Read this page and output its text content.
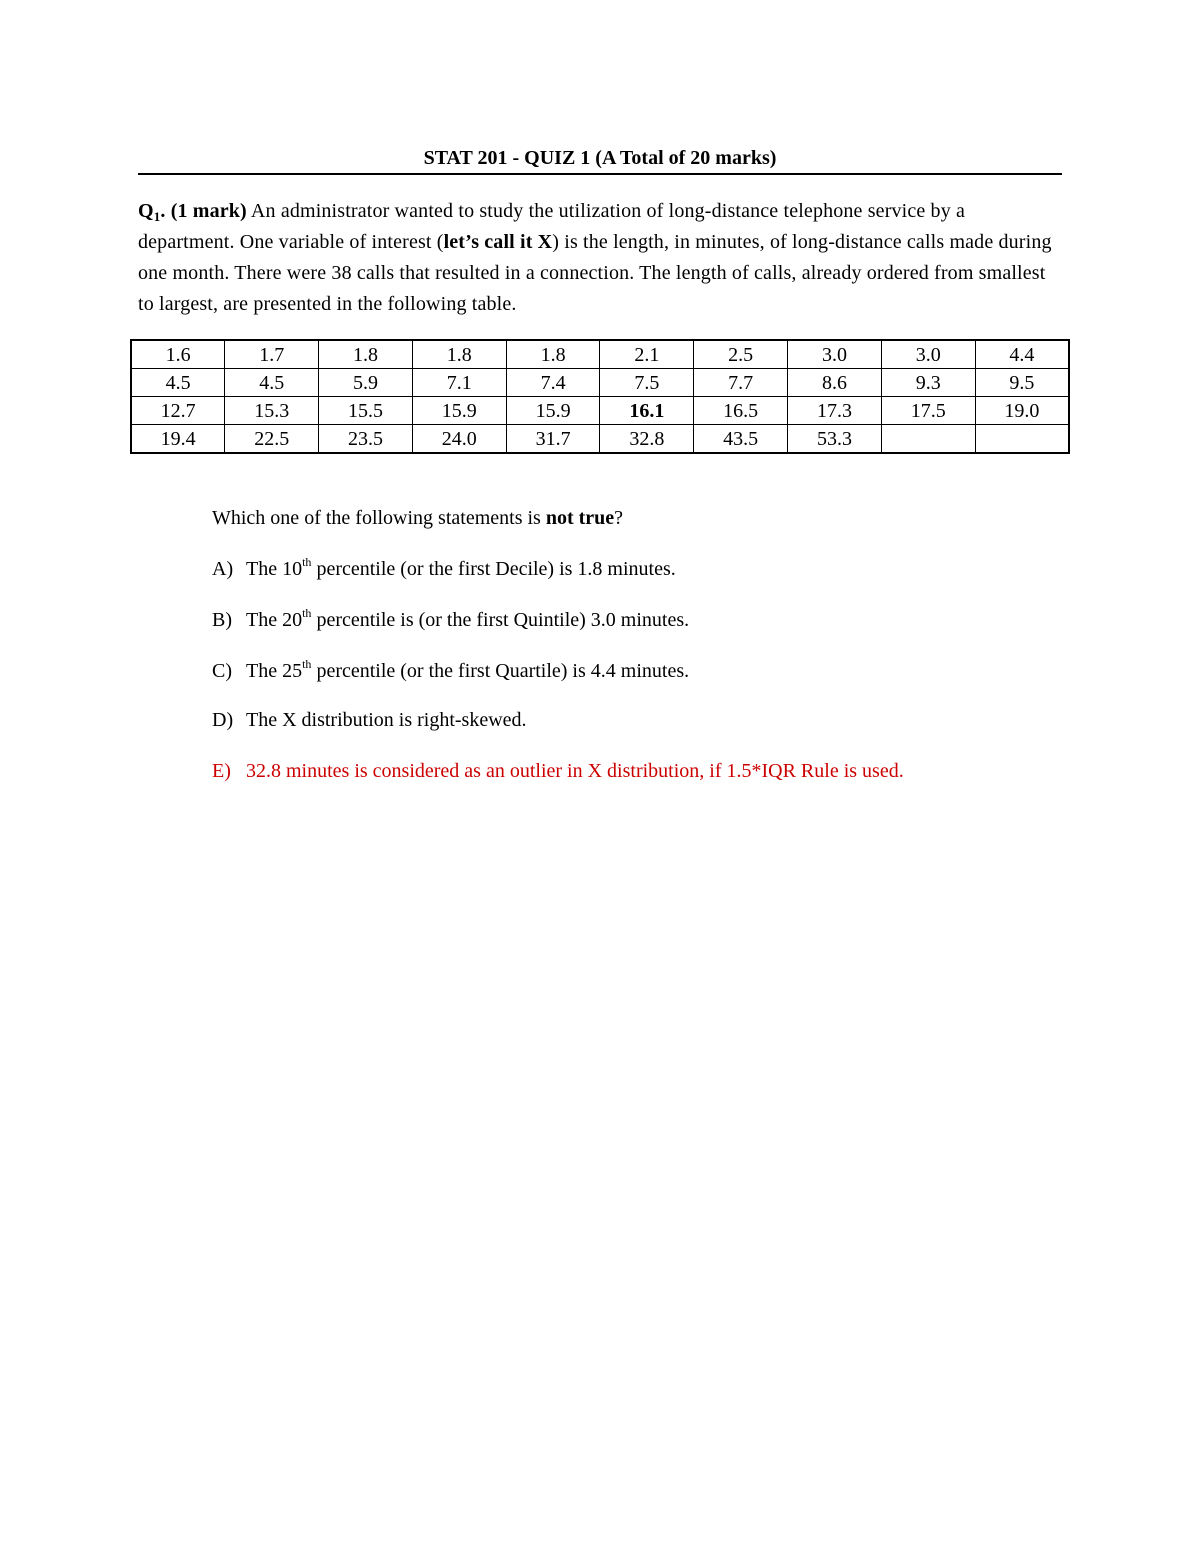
STAT 201 - QUIZ 1 (A Total of 20 marks)
$Q_1$. (1 mark) An administrator wanted to study the utilization of long-distance telephone service by a department. One variable of interest (let’s call it X) is the length, in minutes, of long-distance calls made during one month. There were 38 calls that resulted in a connection. The length of calls, already ordered from smallest to largest, are presented in the following table.
1.6	1.7	1.8	1.8	1.8	2.1	2.5	3.0	3.0	4.4
4.5	4.5	5.9	7.1	7.4	7.5	7.7	8.6	9.3	9.5
12.7	15.3	15.5	15.9	15.9	16.1	16.5	17.3	17.5	19.0
19.4	22.5	23.5	24.0	31.7	32.8	43.5	53.3		
Which one of the following statements is not true?
A) The 10th percentile (or the first Decile) is 1.8 minutes.
B) The 20th percentile is (or the first Quintile) 3.0 minutes.
C) The 25th percentile (or the first Quartile) is 4.4 minutes.
D) The X distribution is right-skewed.
E) 32.8 minutes is considered as an outlier in X distribution, if 1.5*IQR Rule is used.
